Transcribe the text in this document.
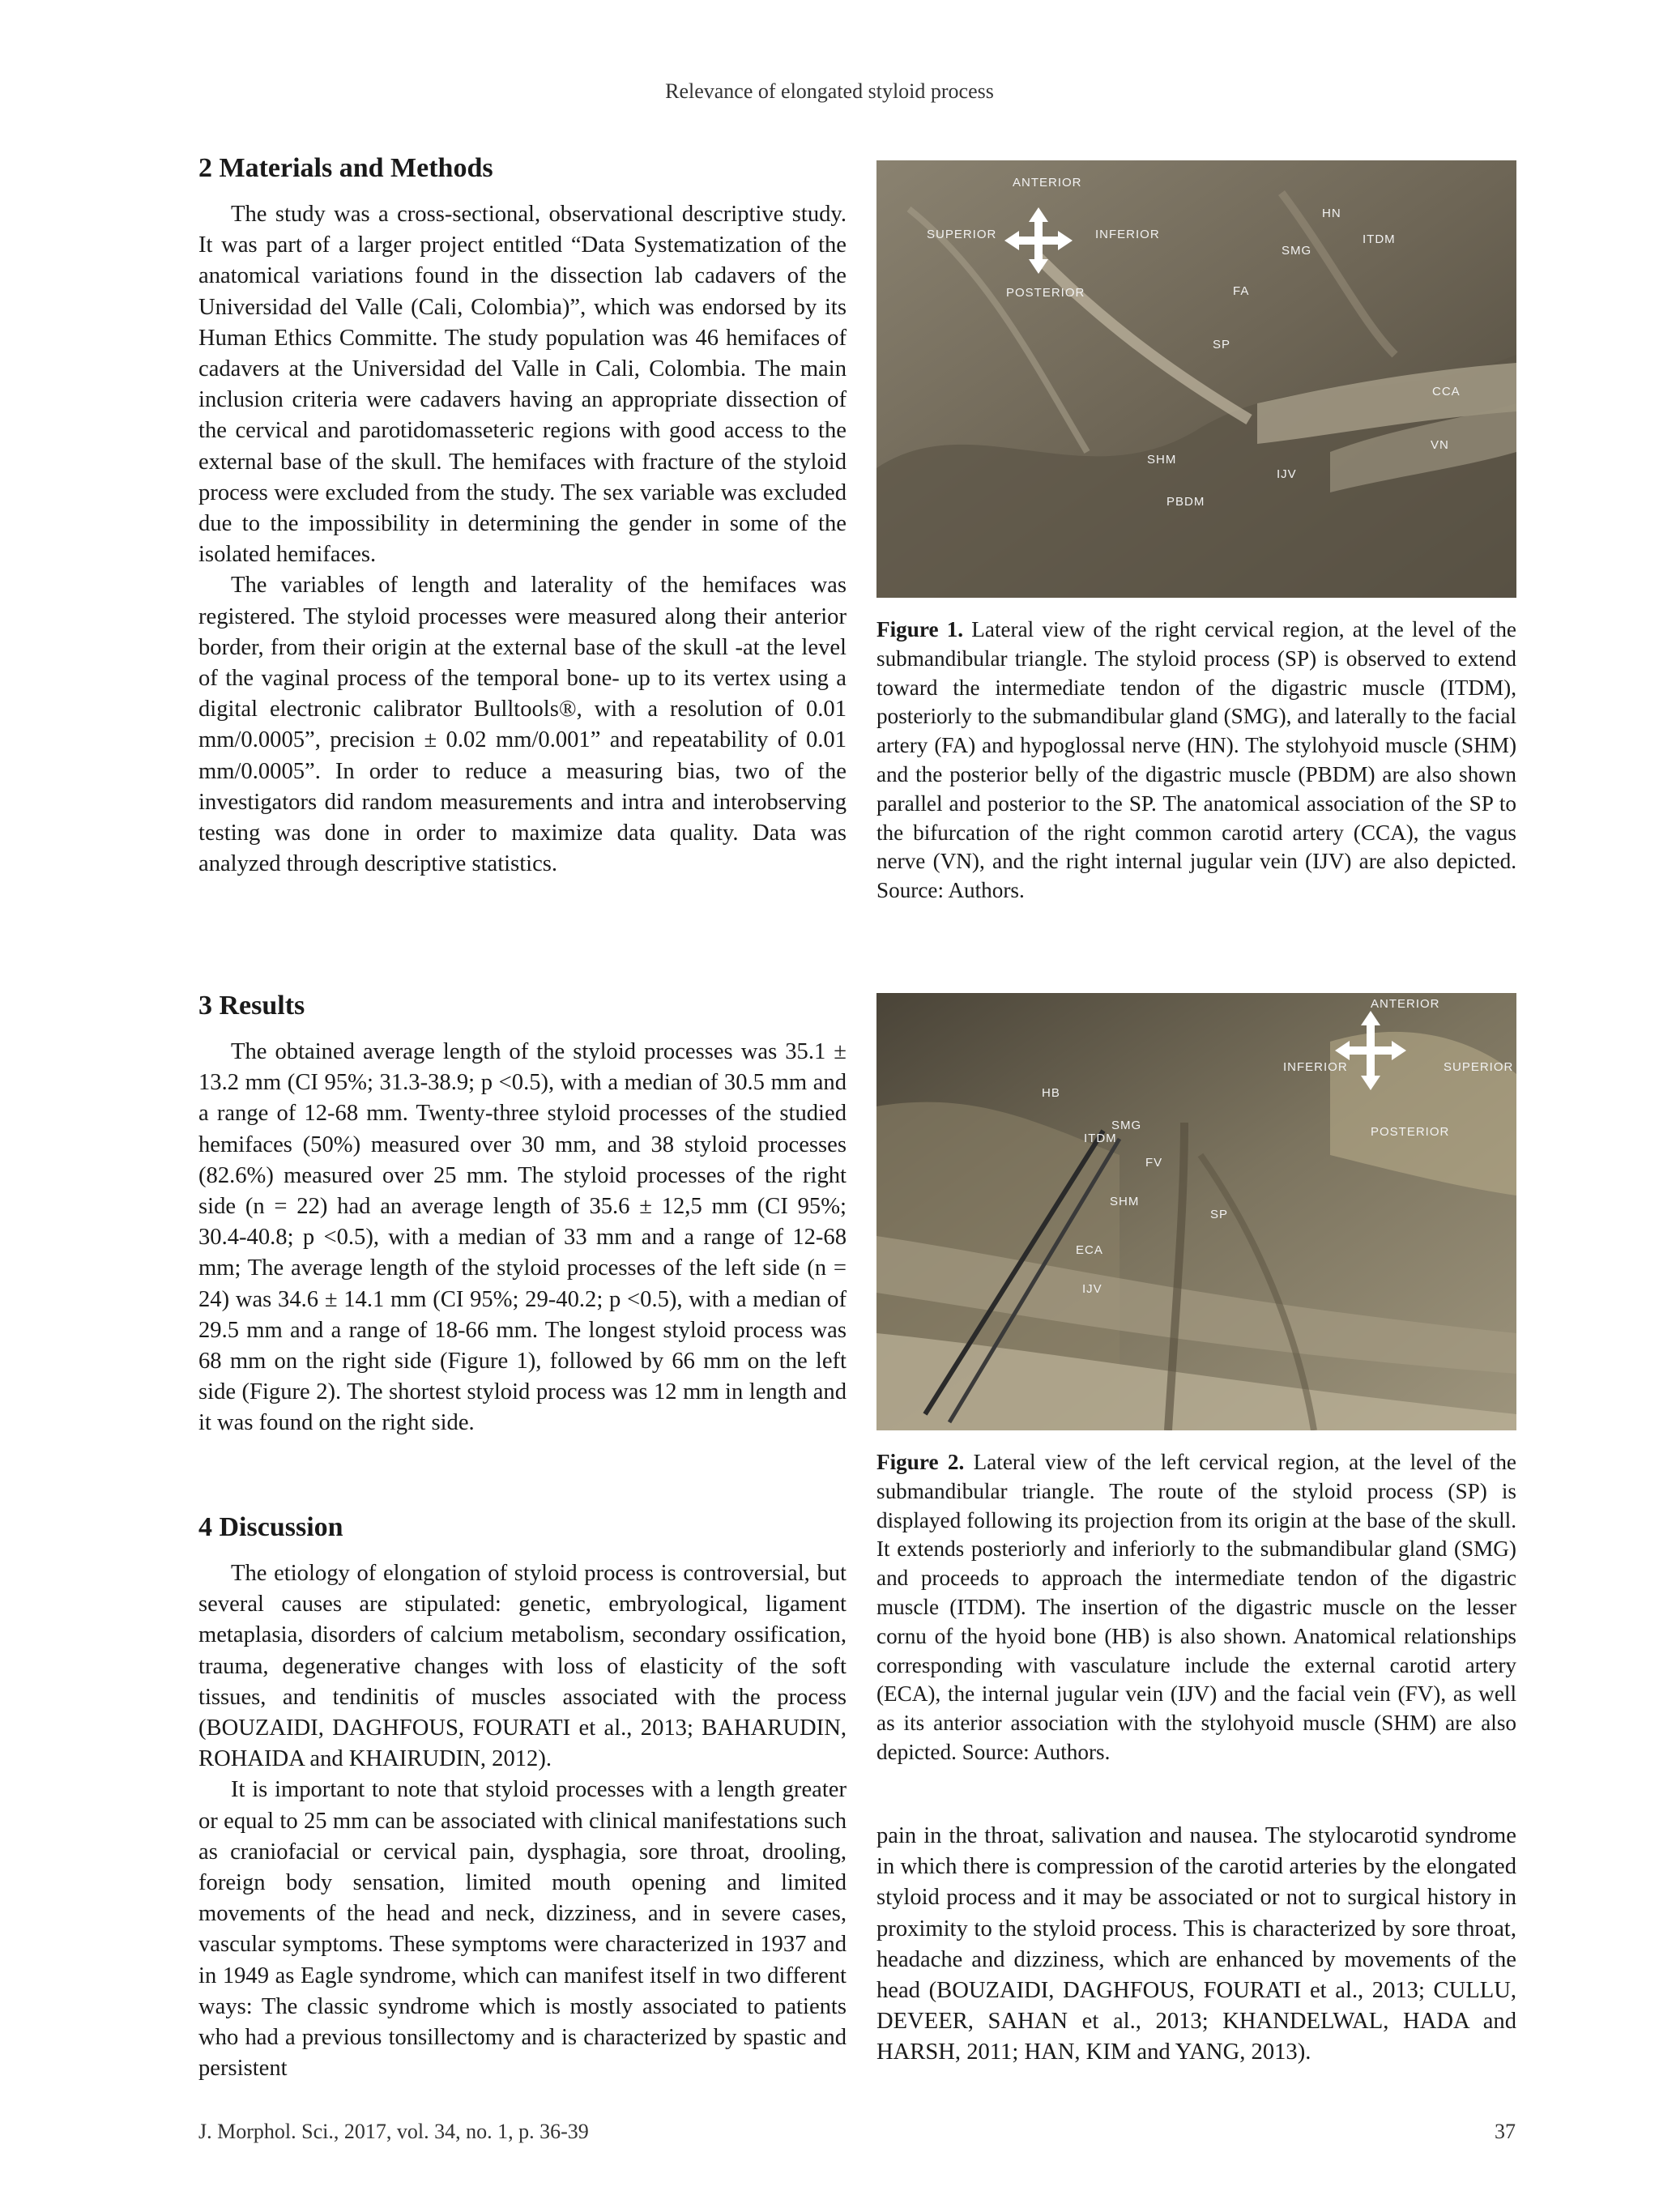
Relevance of elongated styloid process
2 Materials and Methods

The study was a cross-sectional, observational descriptive study. It was part of a larger project entitled “Data Systematization of the anatomical variations found in the dissection lab cadavers of the Universidad del Valle (Cali, Colombia)”, which was endorsed by its Human Ethics Committe. The study population was 46 hemifaces of cadavers at the Universidad del Valle in Cali, Colombia. The main inclusion criteria were cadavers having an appropriate dissection of the cervical and parotidomasseteric regions with good access to the external base of the skull. The hemifaces with fracture of the styloid process were excluded from the study. The sex variable was excluded due to the impossibility in determining the gender in some of the isolated hemifaces.

The variables of length and laterality of the hemifaces was registered. The styloid processes were measured along their anterior border, from their origin at the external base of the skull -at the level of the vaginal process of the temporal bone- up to its vertex using a digital electronic calibrator Bulltools®, with a resolution of 0.01 mm/0.0005”, precision ± 0.02 mm/0.001” and repeatability of 0.01 mm/0.0005”. In order to reduce a measuring bias, two of the investigators did random measurements and intra and interobserving testing was done in order to maximize data quality. Data was analyzed through descriptive statistics.

3 Results

The obtained average length of the styloid processes was 35.1 ± 13.2 mm (CI 95%; 31.3-38.9; p <0.5), with a median of 30.5 mm and a range of 12-68 mm. Twenty-three styloid processes of the studied hemifaces (50%) measured over 30 mm, and 38 styloid processes (82.6%) measured over 25 mm. The styloid processes of the right side (n = 22) had an average length of 35.6 ± 12,5 mm (CI 95%; 30.4-40.8; p <0.5), with a median of 33 mm and a range of 12-68 mm; The average length of the styloid processes of the left side (n = 24) was 34.6 ± 14.1 mm (CI 95%; 29-40.2; p <0.5), with a median of 29.5 mm and a range of 18-66 mm. The longest styloid process was 68 mm on the right side (Figure 1), followed by 66 mm on the left side (Figure 2). The shortest styloid process was 12 mm in length and it was found on the right side.

4 Discussion

The etiology of elongation of styloid process is controversial, but several causes are stipulated: genetic, embryological, ligament metaplasia, disorders of calcium metabolism, secondary ossification, trauma, degenerative changes with loss of elasticity of the soft tissues, and tendinitis of muscles associated with the process (BOUZAIDI, DAGHFOUS, FOURATI et al., 2013; BAHARUDIN, ROHAIDA and KHAIRUDIN, 2012).

It is important to note that styloid processes with a length greater or equal to 25 mm can be associated with clinical manifestations such as craniofacial or cervical pain, dysphagia, sore throat, drooling, foreign body sensation, limited mouth opening and limited movements of the head and neck, dizziness, and in severe cases, vascular symptoms. These symptoms were characterized in 1937 and in 1949 as Eagle syndrome, which can manifest itself in two different ways: The classic syndrome which is mostly associated to patients who had a previous tonsillectomy and is characterized by spastic and persistent

ANTERIOR
SUPERIOR	INFERIOR
POSTERIOR
HN
ITDM
SMG
FA
SP
CCA
VN
SHM
IJV
PBDM
Figure 1. Lateral view of the right cervical region, at the level of the submandibular triangle. The styloid process (SP) is observed to extend toward the intermediate tendon of the digastric muscle (ITDM), posteriorly to the submandibular gland (SMG), and laterally to the facial artery (FA) and hypoglossal nerve (HN). The stylohyoid muscle (SHM) and the posterior belly of the digastric muscle (PBDM) are also shown parallel and posterior to the SP. The anatomical association of the SP to the bifurcation of the right common carotid artery (CCA), the vagus nerve (VN), and the right internal jugular vein (IJV) are also depicted. Source: Authors.
ANTERIOR
INFERIOR	SUPERIOR
POSTERIOR
HB
SMG
ITDM
FV
SHM
SP
ECA
IJV
Figure 2. Lateral view of the left cervical region, at the level of the submandibular triangle. The route of the styloid process (SP) is displayed following its projection from its origin at the base of the skull. It extends posteriorly and inferiorly to the submandibular gland (SMG) and proceeds to approach the intermediate tendon of the digastric muscle (ITDM). The insertion of the digastric muscle on the lesser cornu of the hyoid bone (HB) is also shown. Anatomical relationships corresponding with vasculature include the external carotid artery (ECA), the internal jugular vein (IJV) and the facial vein (FV), as well as its anterior association with the stylohyoid muscle (SHM) are also depicted. Source: Authors.

pain in the throat, salivation and nausea. The stylocarotid syndrome in which there is compression of the carotid arteries by the elongated styloid process and it may be associated or not to surgical history in proximity to the styloid process. This is characterized by sore throat, headache and dizziness, which are enhanced by movements of the head (BOUZAIDI, DAGHFOUS, FOURATI et al., 2013; CULLU, DEVEER, SAHAN et al., 2013; KHANDELWAL, HADA and HARSH, 2011; HAN, KIM and YANG, 2013).

J. Morphol. Sci., 2017, vol. 34, no. 1, p. 36-39	37
